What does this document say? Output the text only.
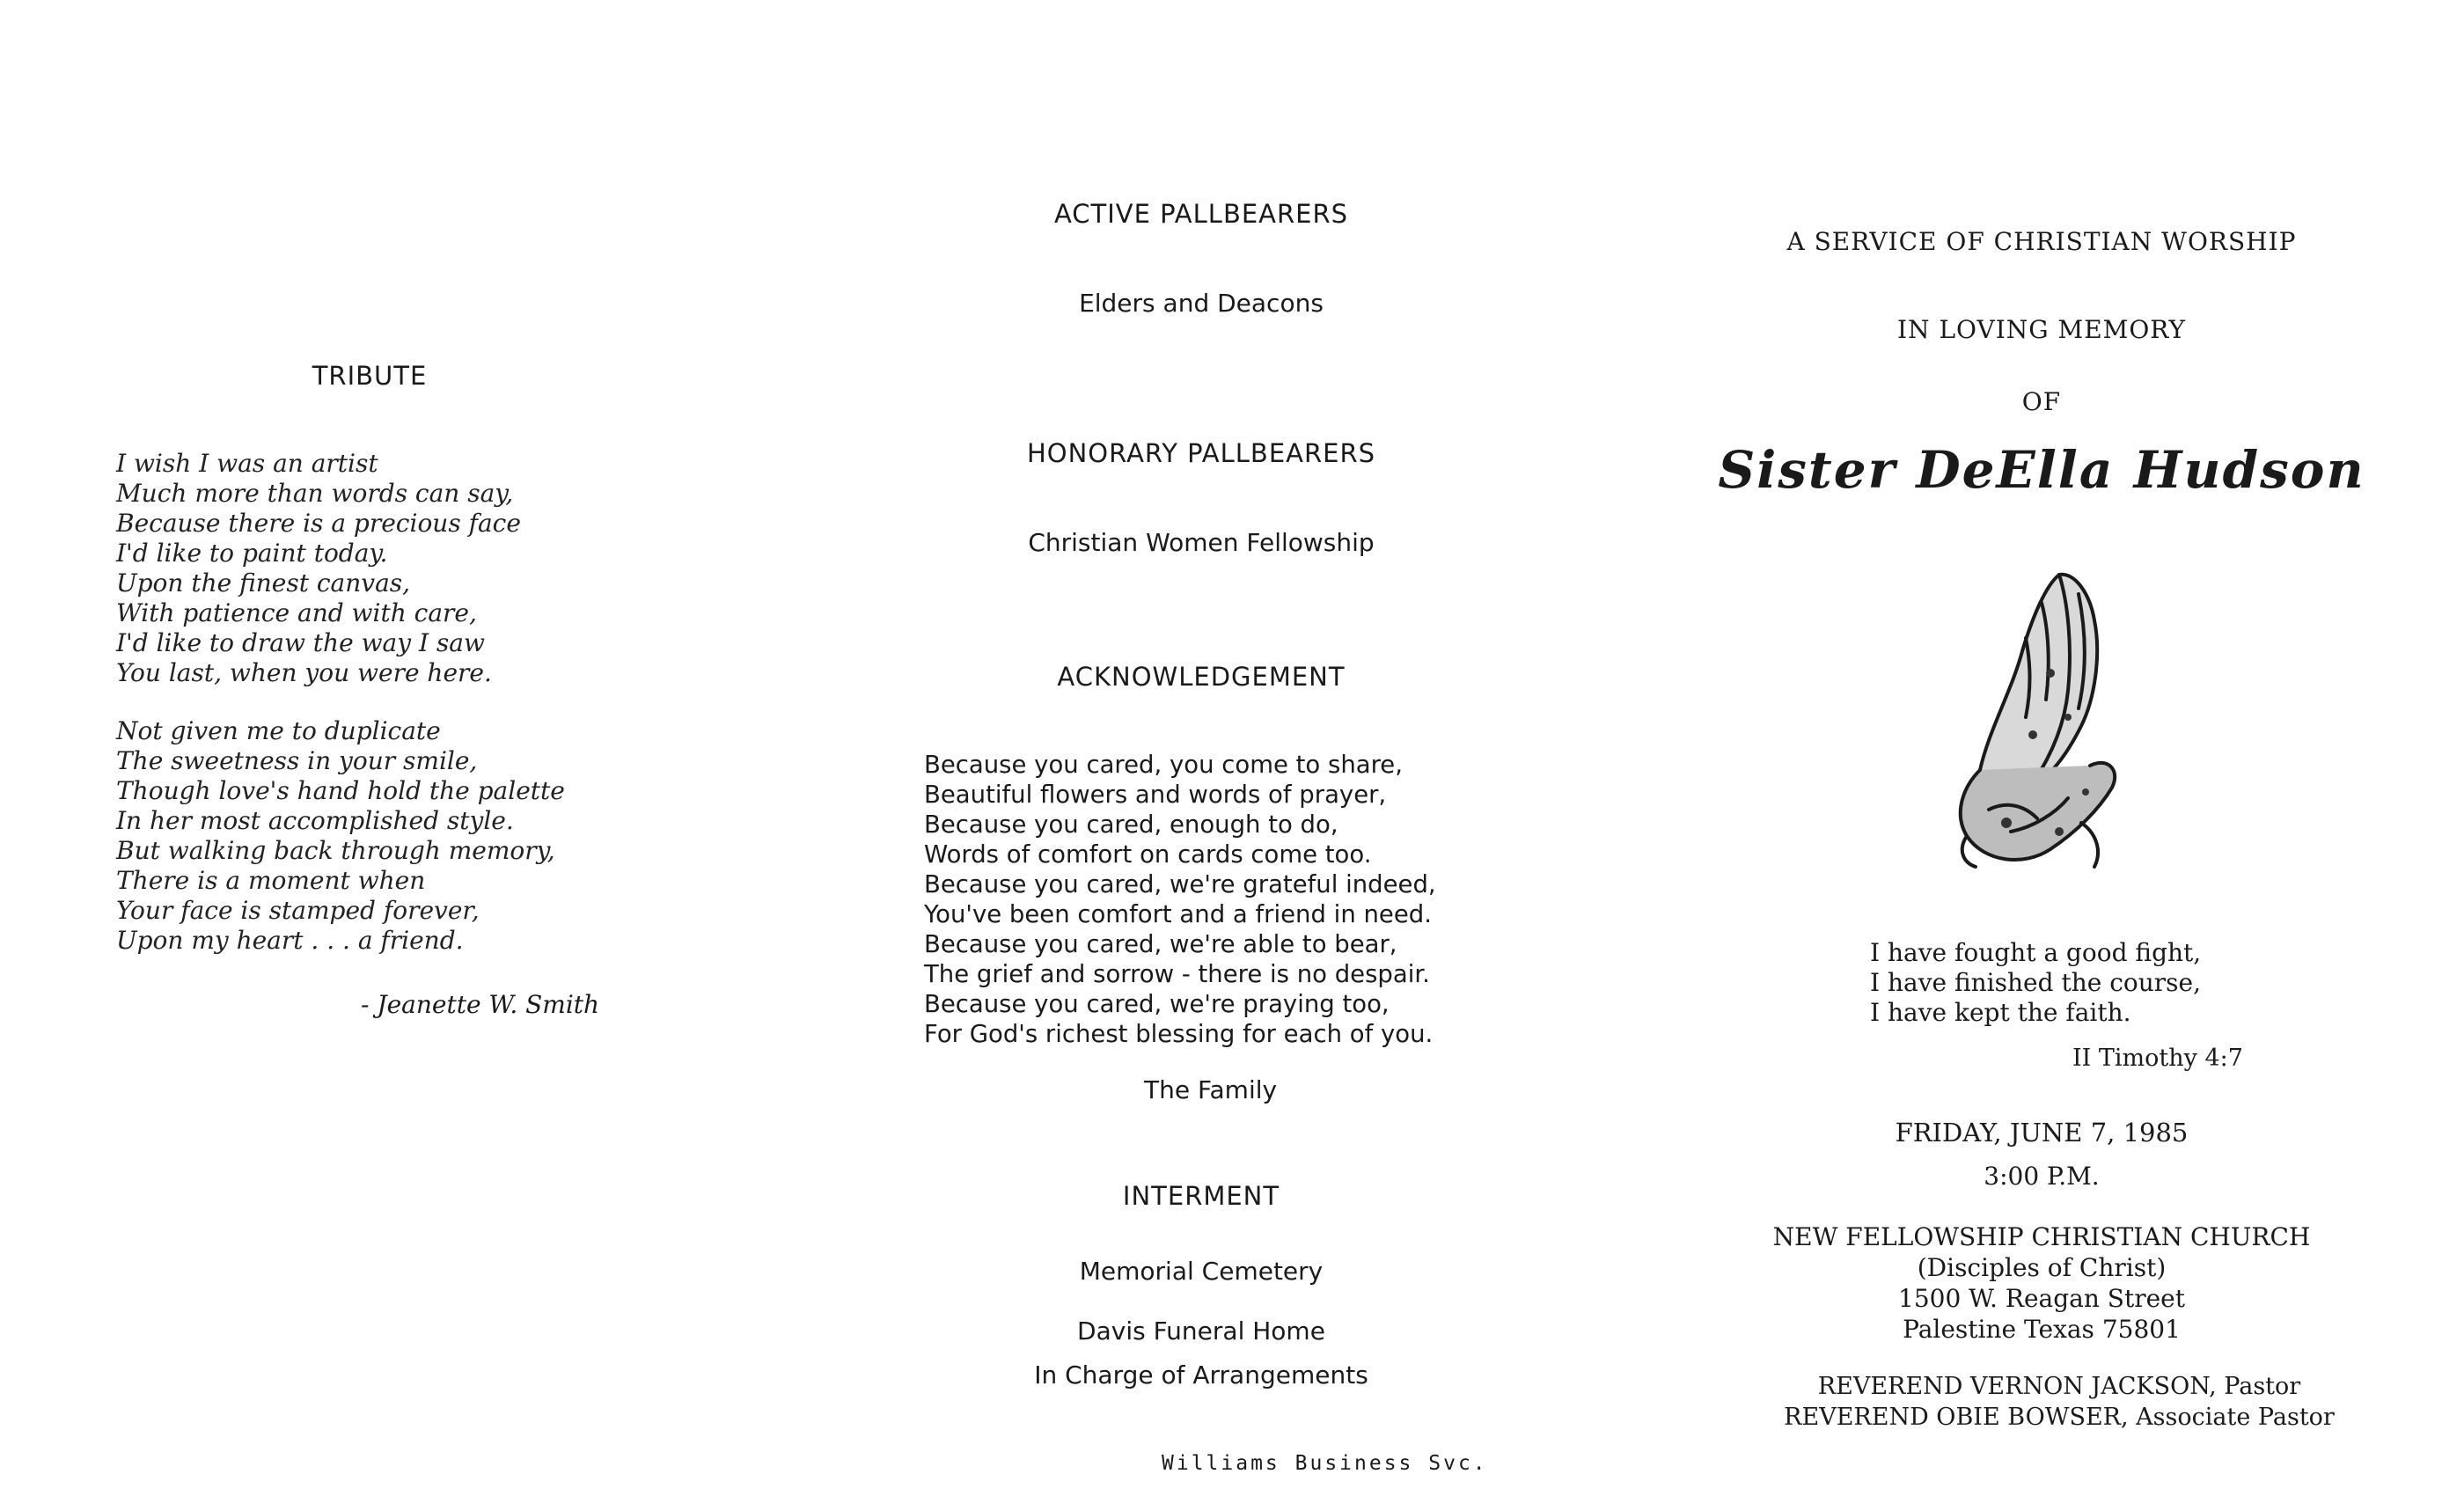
TRIBUTE
I wish I was an artist
Much more than words can say,
Because there is a precious face
I'd like to paint today.
Upon the finest canvas,
With patience and with care,
I'd like to draw the way I saw
You last, when you were here.
Not given me to duplicate
The sweetness in your smile,
Though love's hand hold the palette
In her most accomplished style.
But walking back through memory,
There is a moment when
Your face is stamped forever,
Upon my heart . . . a friend.
- Jeanette W. Smith
ACTIVE PALLBEARERS
Elders and Deacons
HONORARY PALLBEARERS
Christian Women Fellowship
ACKNOWLEDGEMENT
Because you cared, you come to share,
Beautiful flowers and words of prayer,
Because you cared, enough to do,
Words of comfort on cards come too.
Because you cared, we're grateful indeed,
You've been comfort and a friend in need.
Because you cared, we're able to bear,
The grief and sorrow - there is no despair.
Because you cared, we're praying too,
For God's richest blessing for each of you.
The Family
INTERMENT
Memorial Cemetery
Davis Funeral Home
In Charge of Arrangements
Williams Business Svc.
A SERVICE OF CHRISTIAN WORSHIP
IN LOVING MEMORY
OF
Sister DeElla Hudson
I have fought a good fight,
I have finished the course,
I have kept the faith.
II Timothy 4:7
FRIDAY, JUNE 7, 1985
3:00 P.M.
NEW FELLOWSHIP CHRISTIAN CHURCH
(Disciples of Christ)
1500 W. Reagan Street
Palestine Texas 75801
REVEREND VERNON JACKSON, Pastor
REVEREND OBIE BOWSER, Associate Pastor
